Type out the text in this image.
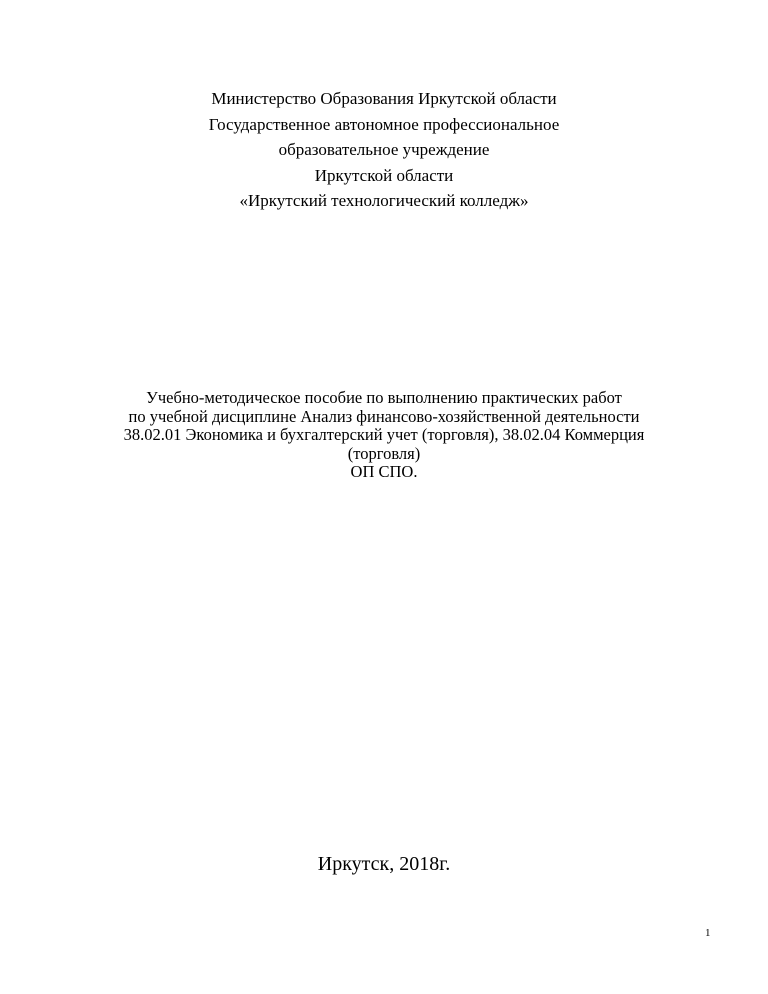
Министерство Образования Иркутской области
Государственное автономное профессиональное
образовательное учреждение
Иркутской области
«Иркутский технологический колледж»
Учебно-методическое пособие по выполнению практических работ
по учебной дисциплине Анализ финансово-хозяйственной деятельности
38.02.01 Экономика и бухгалтерский учет (торговля), 38.02.04 Коммерция
(торговля)
ОП СПО.
Иркутск, 2018г.
1
